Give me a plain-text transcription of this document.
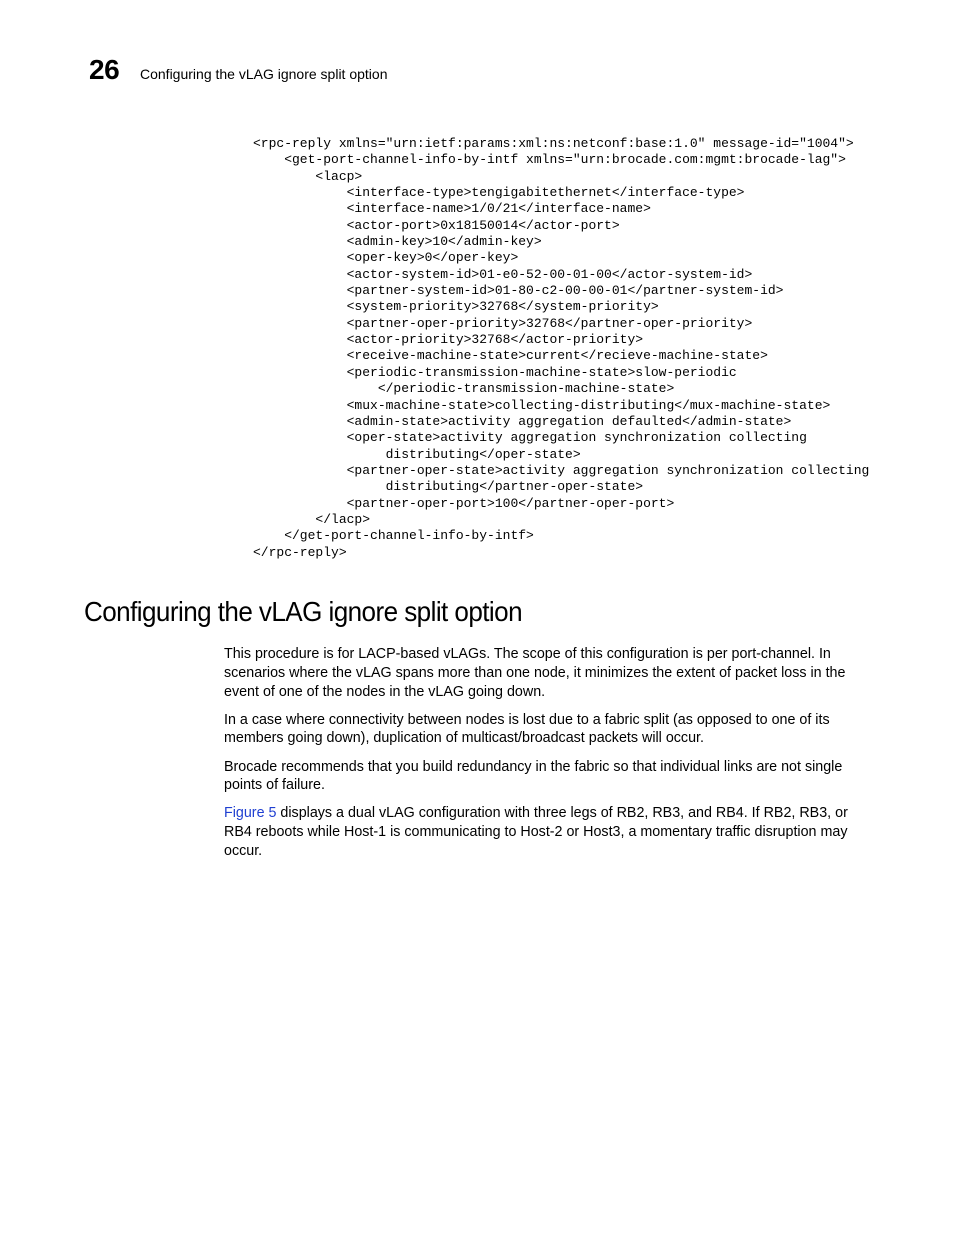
26 Configuring the vLAG ignore split option
<rpc-reply xmlns="urn:ietf:params:xml:ns:netconf:base:1.0" message-id="1004">
<get-port-channel-info-by-intf xmlns="urn:brocade.com:mgmt:brocade-lag">
<lacp>
<interface-type>tengigabitethernet</interface-type>
<interface-name>1/0/21</interface-name>
<actor-port>0x18150014</actor-port>
<admin-key>10</admin-key>
<oper-key>0</oper-key>
<actor-system-id>01-e0-52-00-01-00</actor-system-id>
<partner-system-id>01-80-c2-00-00-01</partner-system-id>
<system-priority>32768</system-priority>
<partner-oper-priority>32768</partner-oper-priority>
<actor-priority>32768</actor-priority>
<receive-machine-state>current</recieve-machine-state>
<periodic-transmission-machine-state>slow-periodic
</periodic-transmission-machine-state>
<mux-machine-state>collecting-distributing</mux-machine-state>
<admin-state>activity aggregation defaulted</admin-state>
<oper-state>activity aggregation synchronization collecting
distributing</oper-state>
<partner-oper-state>activity aggregation synchronization collecting
distributing</partner-oper-state>
<partner-oper-port>100</partner-oper-port>
</lacp>
</get-port-channel-info-by-intf>
</rpc-reply>
Configuring the vLAG ignore split option

This procedure is for LACP-based vLAGs. The scope of this configuration is per port-channel. In scenarios where the vLAG spans more than one node, it minimizes the extent of packet loss in the event of one of the nodes in the vLAG going down.

In a case where connectivity between nodes is lost due to a fabric split (as opposed to one of its members going down), duplication of multicast/broadcast packets will occur.

Brocade recommends that you build redundancy in the fabric so that individual links are not single points of failure.

Figure 5 displays a dual vLAG configuration with three legs of RB2, RB3, and RB4. If RB2, RB3, or RB4 reboots while Host-1 is communicating to Host-2 or Host3, a momentary traffic disruption may occur.
